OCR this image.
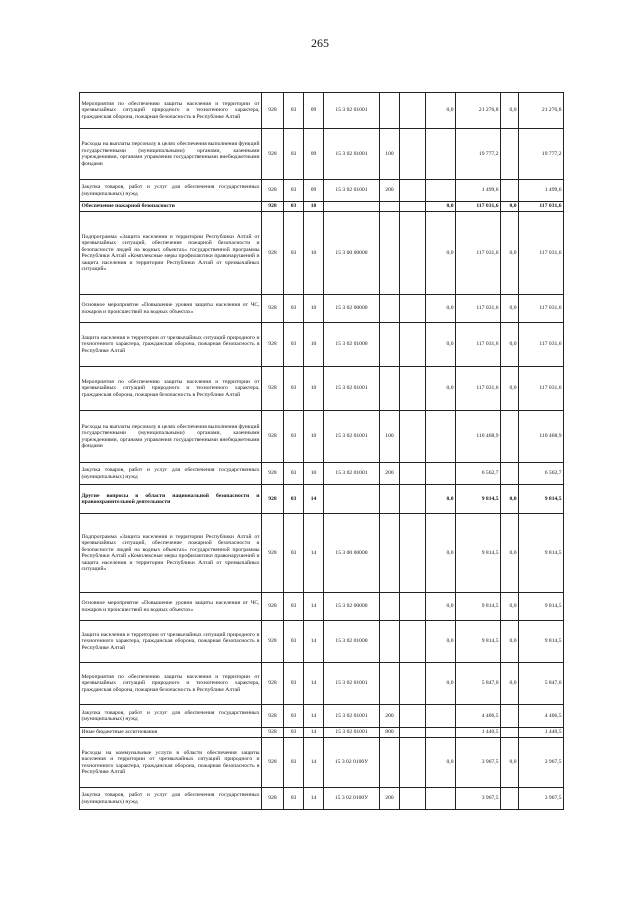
265
Мероприятия по обеспечению защиты населения и территории от чрезвычайных ситуаций природного и техногенного характера, гражданская оборона, пожарная безопасность в Республике Алтай	928	03	09	15 3 02 01001			0,0	21 276,8	0,0	21 276,8
Расходы на выплаты персоналу в целях обеспечения выполнения функций государственными (муниципальными) органами, казенными учреждениями, органами управления государственными внебюджетными фондами	928	03	09	15 3 02 01001	100			19 777,2		19 777,2
Закупка товаров, работ и услуг для обеспечения государственных (муниципальных) нужд	928	03	09	15 3 02 01001	200			1 499,6		1 499,6
Обеспечение пожарной безопасности	928	03	10				0,0	117 031,6	0,0	117 031,6
Подпрограмма «Защита населения и территории Республики Алтай от чрезвычайных ситуаций, обеспечение пожарной безопасности и безопасности людей на водных объектах» государственной программы Республики Алтай «Комплексные меры профилактики правонарушений и защита населения и территории Республики Алтай от чрезвычайных ситуаций»	928	03	10	15 3 00 00000			0,0	117 031,6	0,0	117 031,6
Основное мероприятие «Повышение уровня защиты населения от ЧС, пожаров и происшествий на водных объектах»	928	03	10	15 3 02 00000			0,0	117 031,6	0,0	117 031,6
Защита населения и территории от чрезвычайных ситуаций природного и техногенного характера, гражданская оборона, пожарная безопасность в Республике Алтай	928	03	10	15 3 02 01000			0,0	117 031,6	0,0	117 031,6
Мероприятия по обеспечению защиты населения и территории от чрезвычайных ситуаций природного и техногенного характера, гражданская оборона, пожарная безопасность в Республике Алтай	928	03	10	15 3 02 01001			0,0	117 031,6	0,0	117 031,6
Расходы на выплаты персоналу в целях обеспечения выполнения функций государственными (муниципальными) органами, казенными учреждениями, органами управления государственными внебюджетными фондами	928	03	10	15 3 02 01001	100			110 468,9		110 468,9
Закупка товаров, работ и услуг для обеспечения государственных (муниципальных) нужд	928	03	10	15 3 02 01001	200			6 562,7		6 562,7
Другие вопросы в области национальной безопасности и правоохранительной деятельности	928	03	14				0,0	9 814,5	0,0	9 814,5
Подпрограмма «Защита населения и территории Республики Алтай от чрезвычайных ситуаций, обеспечение пожарной безопасности и безопасности людей на водных объектах» государственной программы Республики Алтай «Комплексные меры профилактики правонарушений и защита населения и территории Республики Алтай от чрезвычайных ситуаций»	928	03	14	15 3 00 00000			0,0	9 814,5	0,0	9 814,5
Основное мероприятие «Повышение уровня защиты населения от ЧС, пожаров и происшествий на водных объектах»	928	03	14	15 3 02 00000			0,0	9 814,5	0,0	9 814,5
Защита населения и территории от чрезвычайных ситуаций природного и техногенного характера, гражданская оборона, пожарная безопасность в Республике Алтай	928	03	14	15 3 02 01000			0,0	9 814,5	0,0	9 814,5
Мероприятия по обеспечению защиты населения и территории от чрезвычайных ситуаций природного и техногенного характера, гражданская оборона, пожарная безопасность в Республике Алтай	928	03	14	15 3 02 01001			0,0	5 847,0	0,0	5 847,0
Закупка товаров, работ и услуг для обеспечения государственных (муниципальных) нужд	928	03	14	15 3 02 01001	200			4 406,5		4 406,5
Иные бюджетные ассигнования	928	03	14	15 3 02 01001	800			1 440,5		1 440,5
Расходы на коммунальные услуги в области обеспечения защиты населения и территории от чрезвычайных ситуаций природного и техногенного характера, гражданская оборона, пожарная безопасность в Республике Алтай	928	03	14	15 3 02 0100У			0,0	3 967,5	0,0	3 967,5
Закупка товаров, работ и услуг для обеспечения государственных (муниципальных) нужд	928	03	14	15 3 02 0100У	200			3 967,5		3 967,5
